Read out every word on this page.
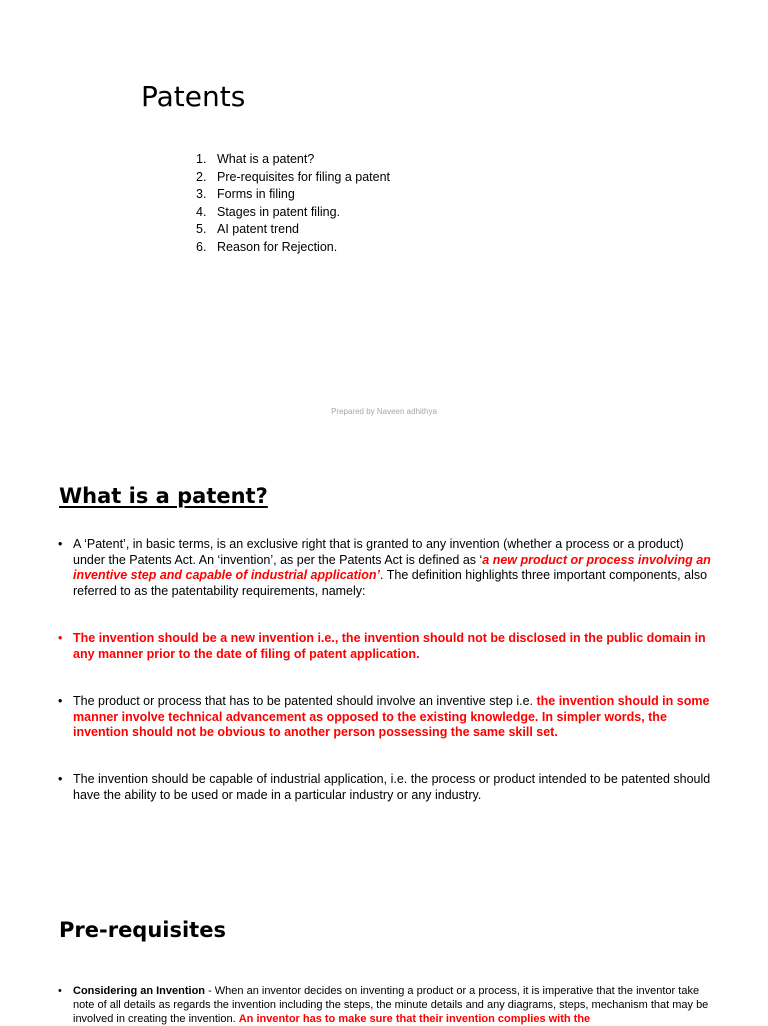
Patents
1. What is a patent?
2. Pre-requisites for filing a patent
3. Forms in filing
4. Stages in patent filing.
5. AI patent trend
6. Reason for Rejection.
Prepared by Naveen adhithya
What is a patent?
• A ‘Patent’, in basic terms, is an exclusive right that is granted to any invention (whether a process or a product) under the Patents Act. An ‘invention’, as per the Patents Act is defined as ‘a new product or process involving an inventive step and capable of industrial application’. The definition highlights three important components, also referred to as the patentability requirements, namely:
• The invention should be a new invention i.e., the invention should not be disclosed in the public domain in any manner prior to the date of filing of patent application.
• The product or process that has to be patented should involve an inventive step i.e. the invention should in some manner involve technical advancement as opposed to the existing knowledge. In simpler words, the invention should not be obvious to another person possessing the same skill set.
• The invention should be capable of industrial application, i.e. the process or product intended to be patented should have the ability to be used or made in a particular industry or any industry.
Pre-requisites
• Considering an Invention - When an inventor decides on inventing a product or a process, it is imperative that the inventor take note of all details as regards the invention including the steps, the minute details and any diagrams, steps, mechanism that may be involved in creating the invention. An inventor has to make sure that their invention complies with the
